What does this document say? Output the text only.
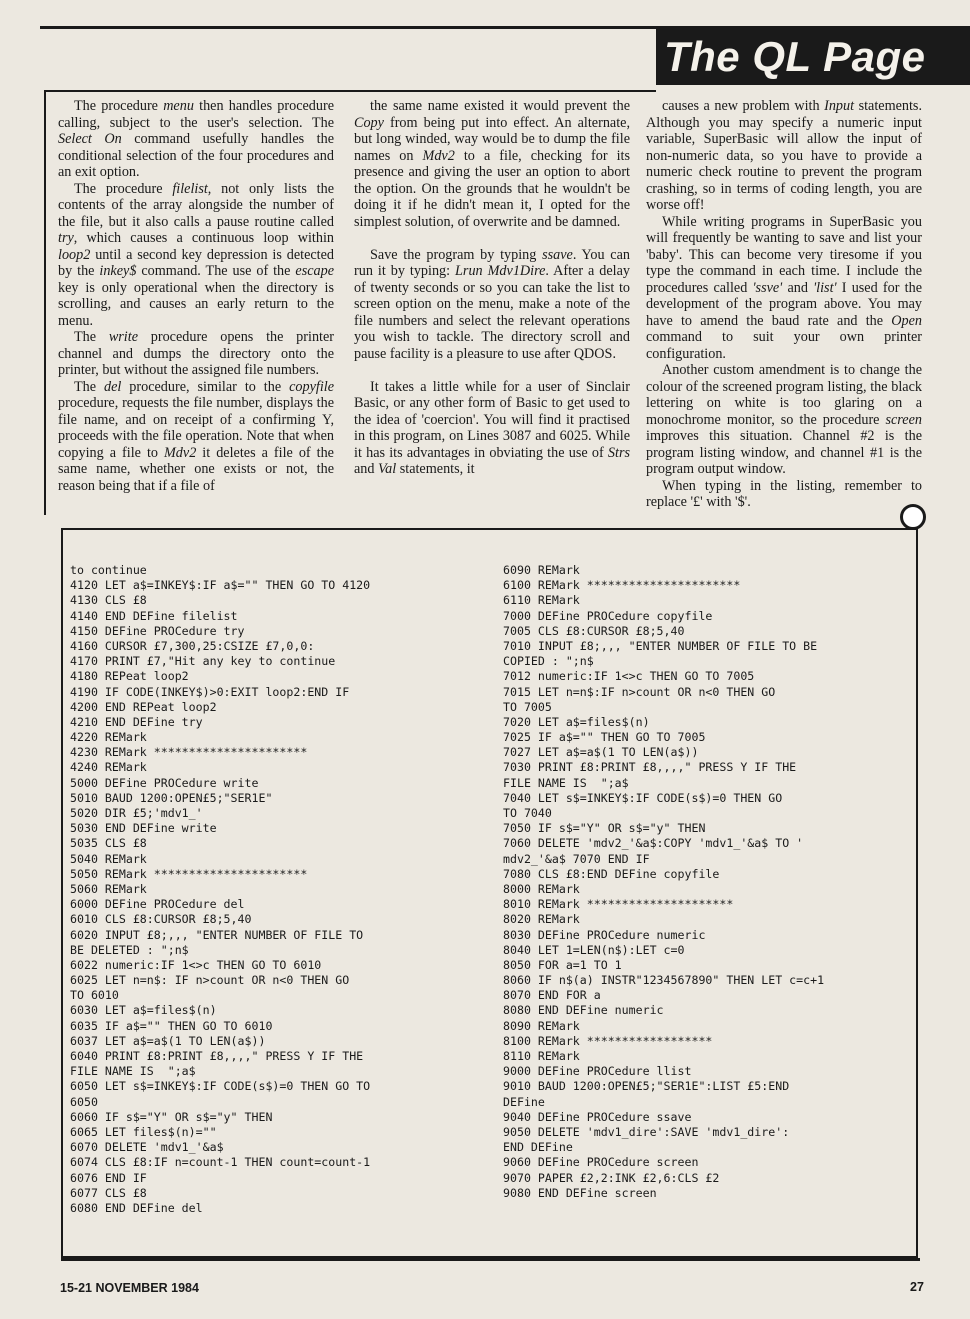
The QL Page

The procedure menu then handles procedure calling, subject to the user's selection. The Select On command usefully handles the conditional selection of the four procedures and an exit option.

The procedure filelist, not only lists the contents of the array alongside the number of the file, but it also calls a pause routine called try, which causes a continuous loop within loop2 until a second key depression is detected by the inkey$ command. The use of the escape key is only operational when the directory is scrolling, and causes an early return to the menu.

The write procedure opens the printer channel and dumps the directory onto the printer, but without the assigned file numbers.

The del procedure, similar to the copyfile procedure, requests the file number, displays the file name, and on receipt of a confirming Y, proceeds with the file operation. Note that when copying a file to Mdv2 it deletes a file of the same name, whether one exists or not, the reason being that if a file of

the same name existed it would prevent the Copy from being put into effect. An alternate, but long winded, way would be to dump the file names on Mdv2 to a file, checking for its presence and giving the user an option to abort the option. On the grounds that he wouldn't be doing it if he didn't mean it, I opted for the simplest solution, of overwrite and be damned.

Save the program by typing ssave. You can run it by typing: Lrun Mdv1Dire. After a delay of twenty seconds or so you can take the list to screen option on the menu, make a note of the file numbers and select the relevant operations you wish to tackle. The directory scroll and pause facility is a pleasure to use after QDOS.

It takes a little while for a user of Sinclair Basic, or any other form of Basic to get used to the idea of 'coercion'. You will find it practised in this program, on Lines 3087 and 6025. While it has its advantages in obviating the use of Strs and Val statements, it

causes a new problem with Input statements. Although you may specify a numeric input variable, SuperBasic will allow the input of non-numeric data, so you have to provide a numeric check routine to prevent the program crashing, so in terms of coding length, you are worse off!

While writing programs in SuperBasic you will frequently be wanting to save and list your 'baby'. This can become very tiresome if you type the command in each time. I include the procedures called 'ssve' and 'list' I used for the development of the program above. You may have to amend the baud rate and the Open command to suit your own printer configuration.

Another custom amendment is to change the colour of the screened program listing, the black lettering on white is too glaring on a monochrome monitor, so the procedure screen improves this situation. Channel #2 is the program listing window, and channel #1 is the program output window.

When typing in the listing, remember to replace '£' with '$'.

to continue
4120 LET a$=INKEY$:IF a$="" THEN GO TO 4120
4130 CLS £8
4140 END DEFine filelist
4150 DEFine PROCedure try
4160 CURSOR £7,300,25:CSIZE £7,0,0:
4170 PRINT £7,"Hit any key to continue
4180 REPeat loop2
4190 IF CODE(INKEY$)>0:EXIT loop2:END IF
4200 END REPeat loop2
4210 END DEFine try
4220 REMark
4230 REMark **********************
4240 REMark
5000 DEFine PROCedure write
5010 BAUD 1200:OPEN£5;"SER1E"
5020 DIR £5;'mdv1_'
5030 END DEFine write
5035 CLS £8
5040 REMark
5050 REMark **********************
5060 REMark
6000 DEFine PROCedure del
6010 CLS £8:CURSOR £8;5,40
6020 INPUT £8;,,, "ENTER NUMBER OF FILE TO
BE DELETED : ";n$
6022 numeric:IF 1<>c THEN GO TO 6010
6025 LET n=n$: IF n>count OR n<0 THEN GO
TO 6010
6030 LET a$=files$(n)
6035 IF a$="" THEN GO TO 6010
6037 LET a$=a$(1 TO LEN(a$))
6040 PRINT £8:PRINT £8,,,," PRESS Y IF THE
FILE NAME IS  ";a$
6050 LET s$=INKEY$:IF CODE(s$)=0 THEN GO TO
6050
6060 IF s$="Y" OR s$="y" THEN
6065 LET files$(n)=""
6070 DELETE 'mdv1_'&a$
6074 CLS £8:IF n=count-1 THEN count=count-1
6076 END IF
6077 CLS £8
6080 END DEFine del
6090 REMark
6100 REMark **********************
6110 REMark
7000 DEFine PROCedure copyfile
7005 CLS £8:CURSOR £8;5,40
7010 INPUT £8;,,, "ENTER NUMBER OF FILE TO BE
COPIED : ";n$
7012 numeric:IF 1<>c THEN GO TO 7005
7015 LET n=n$:IF n>count OR n<0 THEN GO
TO 7005
7020 LET a$=files$(n)
7025 IF a$="" THEN GO TO 7005
7027 LET a$=a$(1 TO LEN(a$))
7030 PRINT £8:PRINT £8,,,," PRESS Y IF THE
FILE NAME IS  ";a$
7040 LET s$=INKEY$:IF CODE(s$)=0 THEN GO
TO 7040
7050 IF s$="Y" OR s$="y" THEN
7060 DELETE 'mdv2_'&a$:COPY 'mdv1_'&a$ TO '
mdv2_'&a$ 7070 END IF
7080 CLS £8:END DEFine copyfile
8000 REMark
8010 REMark *********************
8020 REMark
8030 DEFine PROCedure numeric
8040 LET 1=LEN(n$):LET c=0
8050 FOR a=1 TO 1
8060 IF n$(a) INSTR"1234567890" THEN LET c=c+1
8070 END FOR a
8080 END DEFine numeric
8090 REMark
8100 REMark ******************
8110 REMark
9000 DEFine PROCedure llist
9010 BAUD 1200:OPEN£5;"SER1E":LIST £5:END
DEFine
9040 DEFine PROCedure ssave
9050 DELETE 'mdv1_dire':SAVE 'mdv1_dire':
END DEFine
9060 DEFine PROCedure screen
9070 PAPER £2,2:INK £2,6:CLS £2
9080 END DEFine screen
15-21 NOVEMBER 1984	27
